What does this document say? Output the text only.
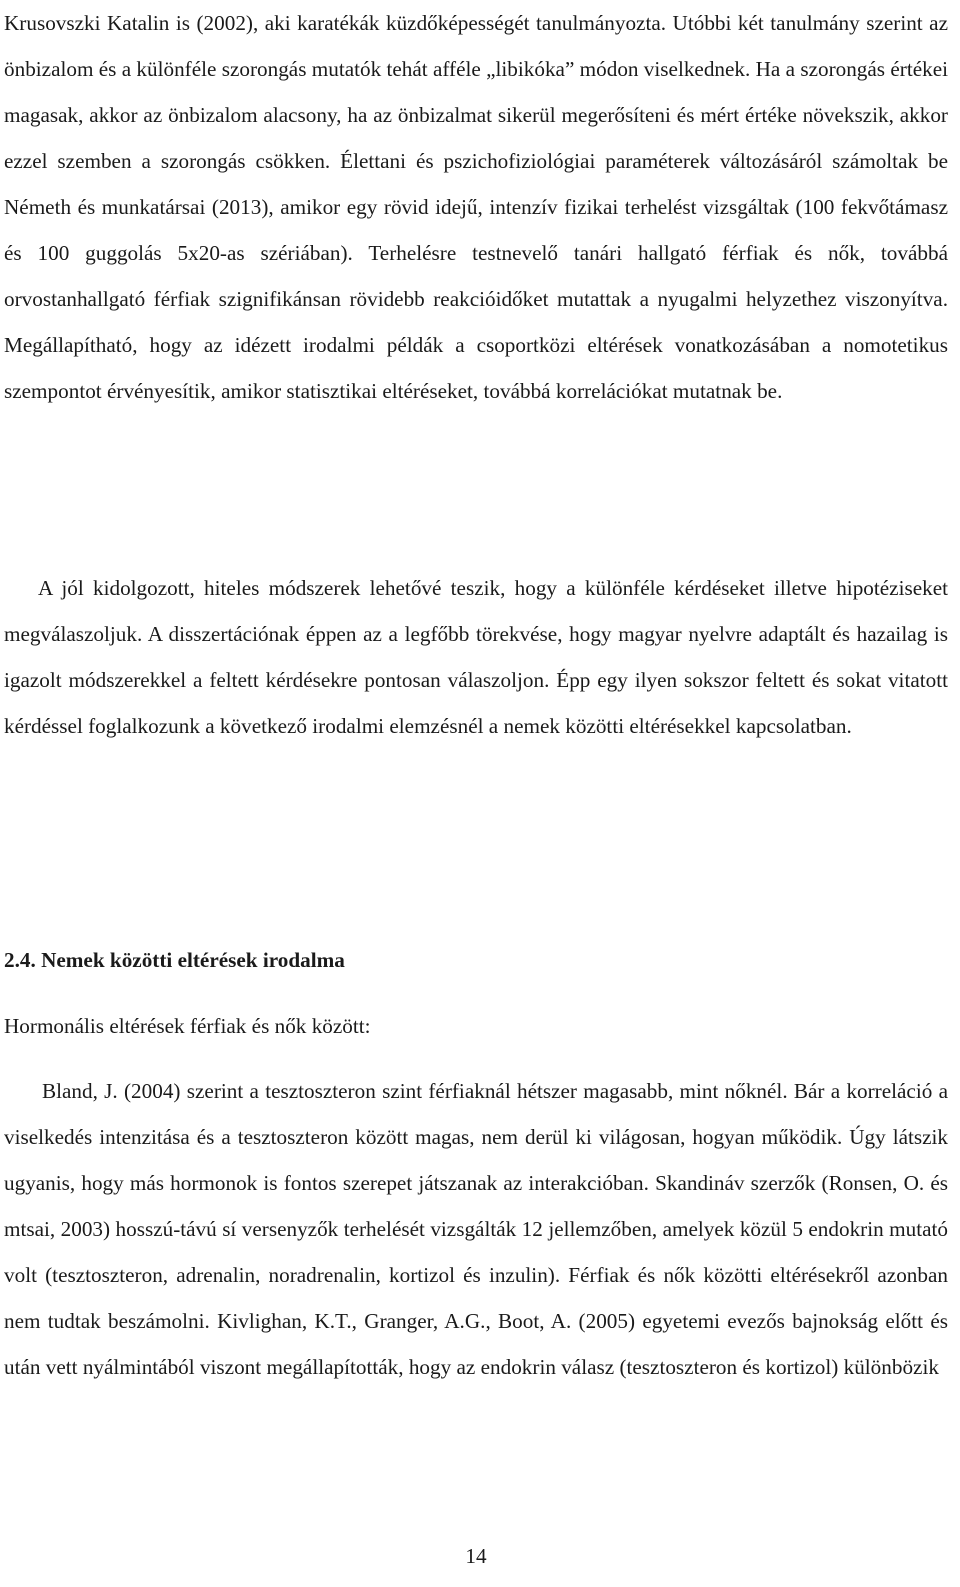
Krusovszki Katalin is (2002), aki karatékák küzdőképességét tanulmányozta. Utóbbi két tanulmány szerint az önbizalom és a különféle szorongás mutatók tehát afféle „libikóka” módon viselkednek. Ha a szorongás értékei magasak, akkor az önbizalom alacsony, ha az önbizalmat sikerül megerősíteni és mért értéke növekszik, akkor ezzel szemben a szorongás csökken. Élettani és pszichofiziológiai paraméterek változásáról számoltak be Németh és munkatársai (2013), amikor egy rövid idejű, intenzív fizikai terhelést vizsgáltak (100 fekvőtámasz és 100 guggolás 5x20-as szériában). Terhelésre testnevelő tanári hallgató férfiak és nők, továbbá orvostanhallgató férfiak szignifikánsan rövidebb reakcióidőket mutattak a nyugalmi helyzethez viszonyítva. Megállapítható, hogy az idézett irodalmi példák a csoportközi eltérések vonatkozásában a nomotetikus szempontot érvényesítik, amikor statisztikai eltéréseket, továbbá korrelációkat mutatnak be.

A jól kidolgozott, hiteles módszerek lehetővé teszik, hogy a különféle kérdéseket illetve hipotéziseket megválaszoljuk. A disszertációnak éppen az a legfőbb törekvése, hogy magyar nyelvre adaptált és hazailag is igazolt módszerekkel a feltett kérdésekre pontosan válaszoljon. Épp egy ilyen sokszor feltett és sokat vitatott kérdéssel foglalkozunk a következő irodalmi elemzésnél a nemek közötti eltérésekkel kapcsolatban.

2.4. Nemek közötti eltérések irodalma

Hormonális eltérések férfiak és nők között:

Bland, J. (2004) szerint a tesztoszteron szint férfiaknál hétszer magasabb, mint nőknél. Bár a korreláció a viselkedés intenzitása és a tesztoszteron között magas, nem derül ki világosan, hogyan működik. Úgy látszik ugyanis, hogy más hormonok is fontos szerepet játszanak az interakcióban. Skandináv szerzők (Ronsen, O. és mtsai, 2003) hosszú-távú sí versenyzők terhelését vizsgálták 12 jellemzőben, amelyek közül 5 endokrin mutató volt (tesztoszteron, adrenalin, noradrenalin, kortizol és inzulin). Férfiak és nők közötti eltérésekről azonban nem tudtak beszámolni. Kivlighan, K.T., Granger, A.G., Boot, A. (2005) egyetemi evezős bajnokság előtt és után vett nyálmintából viszont megállapították, hogy az endokrin válasz (tesztoszteron és kortizol) különbözik

14
